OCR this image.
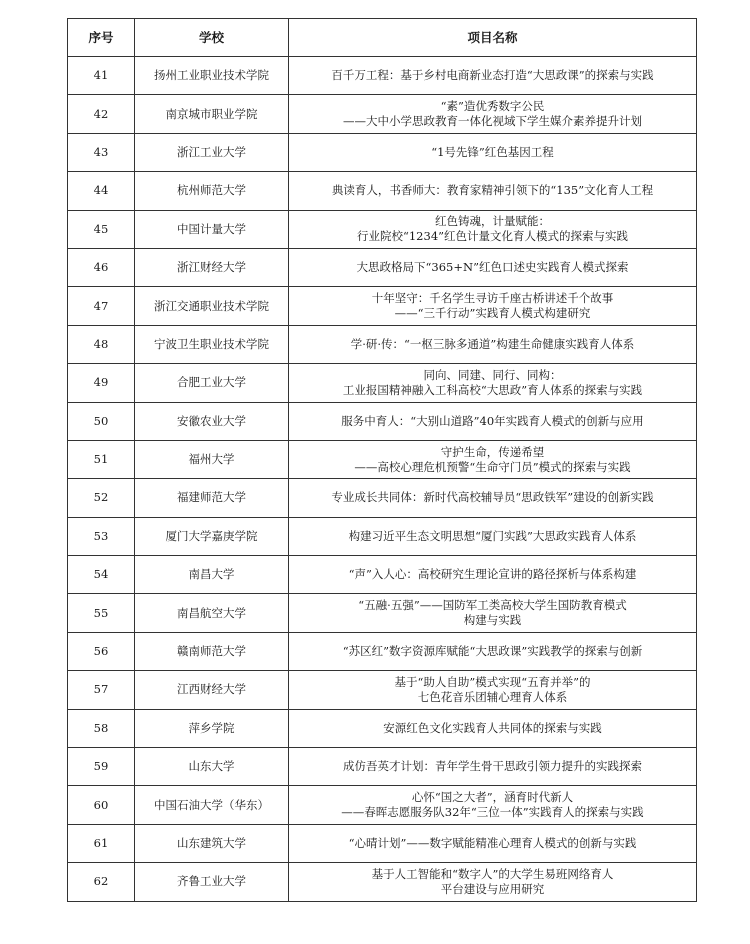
序号	学校	项目名称
41	扬州工业职业技术学院	百千万工程：基于乡村电商新业态打造“大思政课”的探索与实践

42	南京城市职业学院	“素”造优秀数字公民
——大中小学思政教育一体化视域下学生媒介素养提升计划

43	浙江工业大学	“1号先锋”红色基因工程

44	杭州师范大学	典读育人，书香师大：教育家精神引领下的“135”文化育人工程

45	中国计量大学	红色铸魂，计量赋能：
行业院校“1234”红色计量文化育人模式的探索与实践

46	浙江财经大学	大思政格局下“365+N”红色口述史实践育人模式探索

47	浙江交通职业技术学院	十年坚守：千名学生寻访千座古桥讲述千个故事
——“三千行动”实践育人模式构建研究

48	宁波卫生职业技术学院	学·研·传：“一枢三脉多通道”构建生命健康实践育人体系

49	合肥工业大学	同向、同建、同行、同构：
工业报国精神融入工科高校“大思政”育人体系的探索与实践

50	安徽农业大学	服务中育人：“大别山道路”40年实践育人模式的创新与应用

51	福州大学	守护生命，传递希望
——高校心理危机预警“生命守门员”模式的探索与实践

52	福建师范大学	专业成长共同体：新时代高校辅导员“思政铁军”建设的创新实践

53	厦门大学嘉庚学院	构建习近平生态文明思想“厦门实践”大思政实践育人体系

54	南昌大学	“声”入人心：高校研究生理论宣讲的路径探析与体系构建

55	南昌航空大学	“五融·五强”——国防军工类高校大学生国防教育模式
构建与实践

56	赣南师范大学	“苏区红”数字资源库赋能“大思政课”实践教学的探索与创新

57	江西财经大学	基于“助人自助”模式实现“五育并举”的
七色花音乐团辅心理育人体系

58	萍乡学院	安源红色文化实践育人共同体的探索与实践

59	山东大学	成仿吾英才计划：青年学生骨干思政引领力提升的实践探索

60	中国石油大学（华东）	心怀“国之大者”，涵育时代新人
——春晖志愿服务队32年“三位一体”实践育人的探索与实践

61	山东建筑大学	“心晴计划”——数字赋能精准心理育人模式的创新与实践

62	齐鲁工业大学	基于人工智能和“数字人”的大学生易班网络育人
平台建设与应用研究
